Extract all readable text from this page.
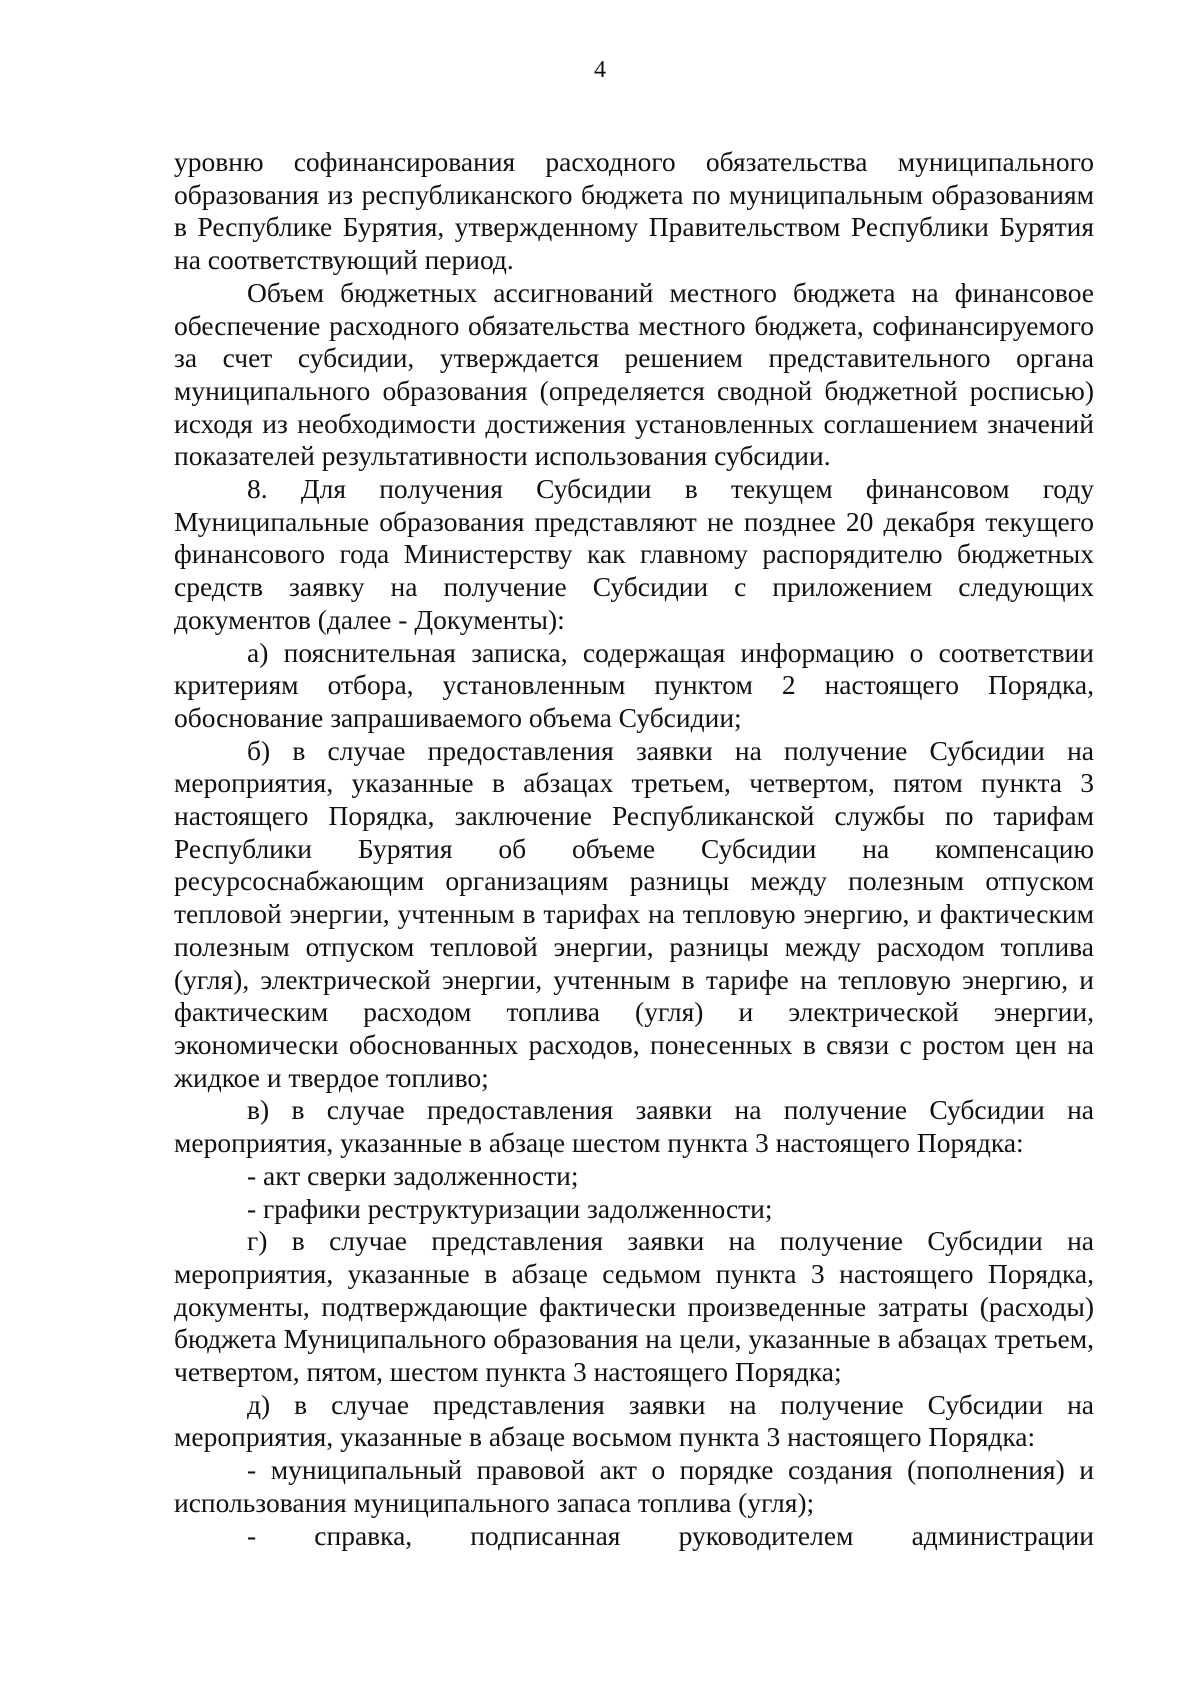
4

уровню софинансирования расходного обязательства муниципального образования из республиканского бюджета по муниципальным образованиям в Республике Бурятия, утвержденному Правительством Республики Бурятия на соответствующий период.

Объем бюджетных ассигнований местного бюджета на финансовое обеспечение расходного обязательства местного бюджета, софинансируемого за счет субсидии, утверждается решением представительного органа муниципального образования (определяется сводной бюджетной росписью) исходя из необходимости достижения установленных соглашением значений показателей результативности использования субсидии.

8. Для получения Субсидии в текущем финансовом году Муниципальные образования представляют не позднее 20 декабря текущего финансового года Министерству как главному распорядителю бюджетных средств заявку на получение Субсидии с приложением следующих документов (далее - Документы):

а) пояснительная записка, содержащая информацию о соответствии критериям отбора, установленным пунктом 2 настоящего Порядка, обоснование запрашиваемого объема Субсидии;

б) в случае предоставления заявки на получение Субсидии на мероприятия, указанные в абзацах третьем, четвертом, пятом пункта 3 настоящего Порядка, заключение Республиканской службы по тарифам Республики Бурятия об объеме Субсидии на компенсацию ресурсоснабжающим организациям разницы между полезным отпуском тепловой энергии, учтенным в тарифах на тепловую энергию, и фактическим полезным отпуском тепловой энергии, разницы между расходом топлива (угля), электрической энергии, учтенным в тарифе на тепловую энергию, и фактическим расходом топлива (угля) и электрической энергии, экономически обоснованных расходов, понесенных в связи с ростом цен на жидкое и твердое топливо;

в) в случае предоставления заявки на получение Субсидии на мероприятия, указанные в абзаце шестом пункта 3 настоящего Порядка:

- акт сверки задолженности;

- графики реструктуризации задолженности;

г) в случае представления заявки на получение Субсидии на мероприятия, указанные в абзаце седьмом пункта 3 настоящего Порядка, документы, подтверждающие фактически произведенные затраты (расходы) бюджета Муниципального образования на цели, указанные в абзацах третьем, четвертом, пятом, шестом пункта 3 настоящего Порядка;

д) в случае представления заявки на получение Субсидии на мероприятия, указанные в абзаце восьмом пункта 3 настоящего Порядка:

- муниципальный правовой акт о порядке создания (пополнения) и использования муниципального запаса топлива (угля);

- справка, подписанная руководителем администрации
